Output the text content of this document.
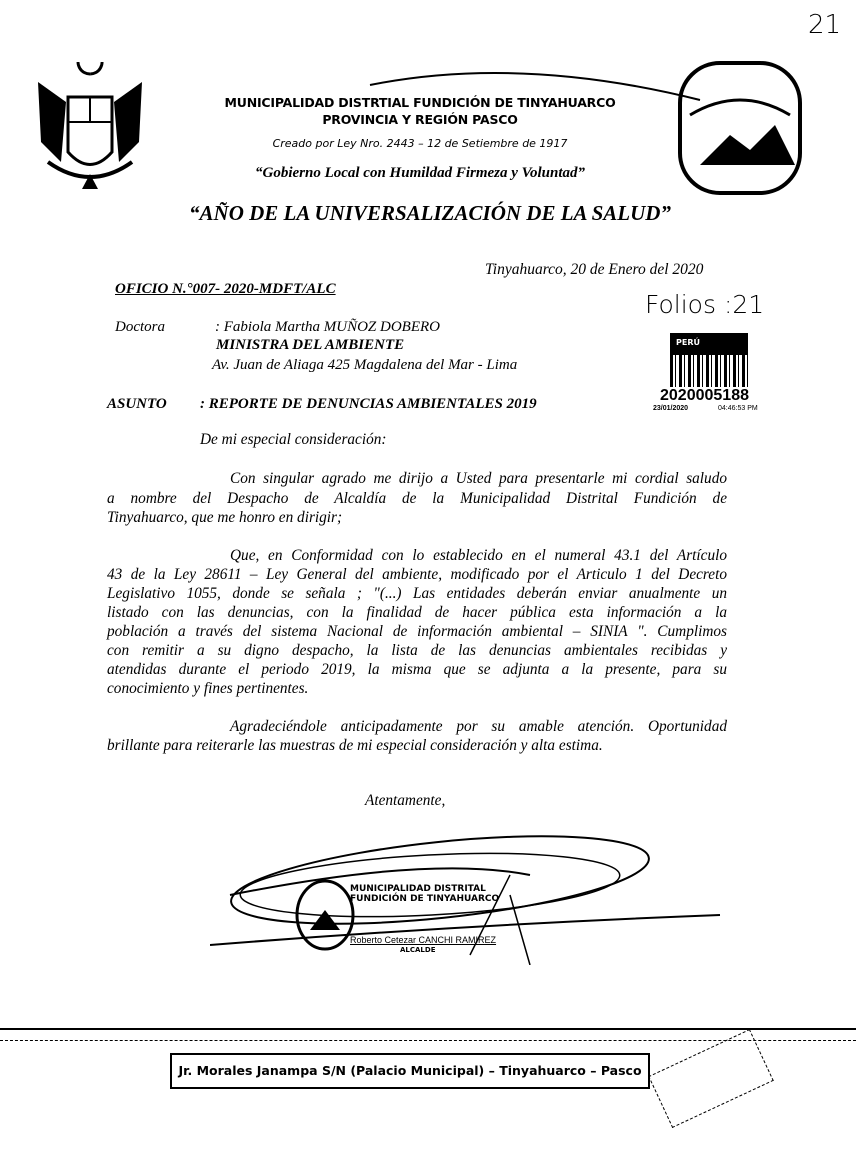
21
MUNICIPALIDAD DISTRTIAL FUNDICIÓN DE TINYAHUARCO
PROVINCIA Y REGIÓN PASCO
Creado por Ley Nro. 2443 – 12 de Setiembre de 1917
“Gobierno Local con Humildad Firmeza y Voluntad”
“AÑO DE LA UNIVERSALIZACIÓN DE LA SALUD”
Tinyahuarco, 20 de Enero del 2020
OFICIO N.°007- 2020-MDFT/ALC
Folios :21
Doctora	: Fabiola Martha MUÑOZ DOBERO
MINISTRA DEL AMBIENTE
Av. Juan de Aliaga 425 Magdalena del Mar - Lima
PERÚ
2020005188
23/01/2020	04:46:53 PM
ASUNTO : REPORTE DE DENUNCIAS AMBIENTALES 2019
De mi especial consideración:
Con singular agrado me dirijo a Usted para presentarle mi cordial saludo
a nombre del Despacho de Alcaldía de la Municipalidad Distrital Fundición de
Tinyahuarco, que me honro en dirigir;
Que, en Conformidad con lo establecido en el numeral 43.1 del Artículo
43 de la Ley 28611 – Ley General del ambiente, modificado por el Articulo 1 del Decreto
Legislativo 1055, donde se señala ; "(...) Las entidades deberán enviar anualmente un
listado con las denuncias, con la finalidad de hacer pública esta información a la
población a través del sistema Nacional de información ambiental – SINIA ". Cumplimos
con remitir a su digno despacho, la lista de las denuncias ambientales recibidas y
atendidas durante el periodo 2019, la misma que se adjunta a la presente, para su
conocimiento y fines pertinentes.
Agradeciéndole anticipadamente por su amable atención. Oportunidad
brillante para reiterarle las muestras de mi especial consideración y alta estima.
Atentamente,
MUNICIPALIDAD DISTRITAL
FUNDICIÓN DE TINYAHUARCO
Roberto Cetezar CANCHI RAMIREZ
ALCALDE
Jr. Morales Janampa S/N (Palacio Municipal) – Tinyahuarco – Pasco
